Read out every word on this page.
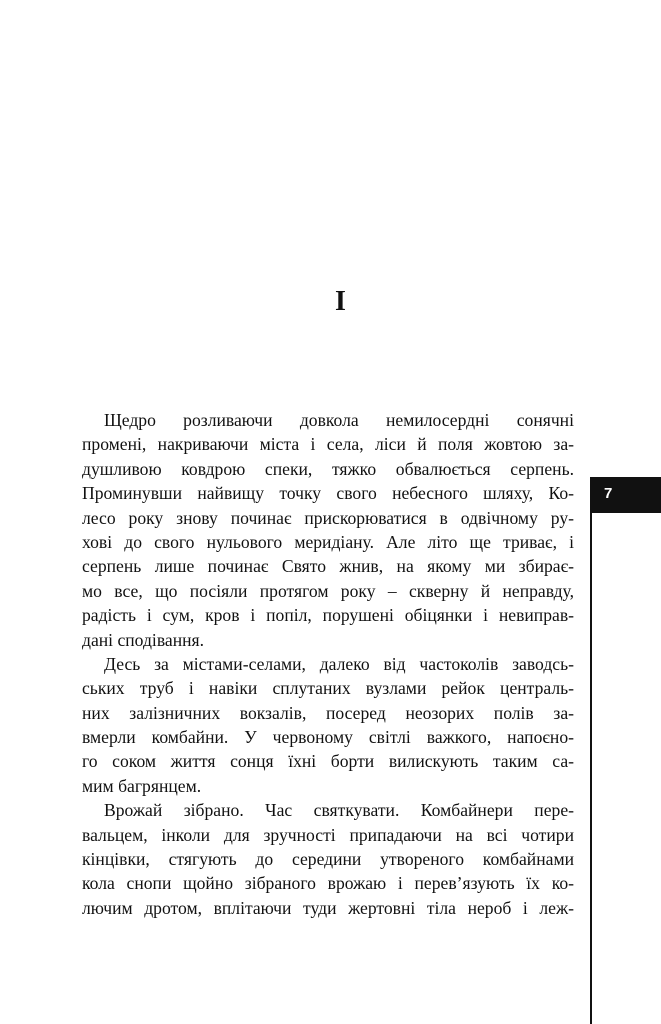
I
Щедро розливаючи довкола немилосердні сонячні
промені, накриваючи міста і села, ліси й поля жовтою за-
душливою ковдрою спеки, тяжко обвалюється серпень.
Проминувши найвищу точку свого небесного шляху, Ко-
лесо року знову починає прискорюватися в одвічному ру-
хові до свого нульового меридіану. Але літо ще триває, і
серпень лише починає Свято жнив, на якому ми збирає-
мо все, що посіяли протягом року – скверну й неправду,
радість і сум, кров і попіл, порушені обіцянки і невиправ-
дані сподівання.
Десь за містами-селами, далеко від частоколів заводсь-
ських труб і навіки сплутаних вузлами рейок централь-
них залізничних вокзалів, посеред неозорих полів за-
вмерли комбайни. У червоному світлі важкого, напоєно-
го соком життя сонця їхні борти вилискують таким са-
мим багрянцем.
Врожай зібрано. Час святкувати. Комбайнери пере-
вальцем, інколи для зручності припадаючи на всі чотири
кінцівки, стягують до середини утвореного комбайнами
кола снопи щойно зібраного врожаю і перев’язують їх ко-
лючим дротом, вплітаючи туди жертовні тіла нероб і леж-
7
